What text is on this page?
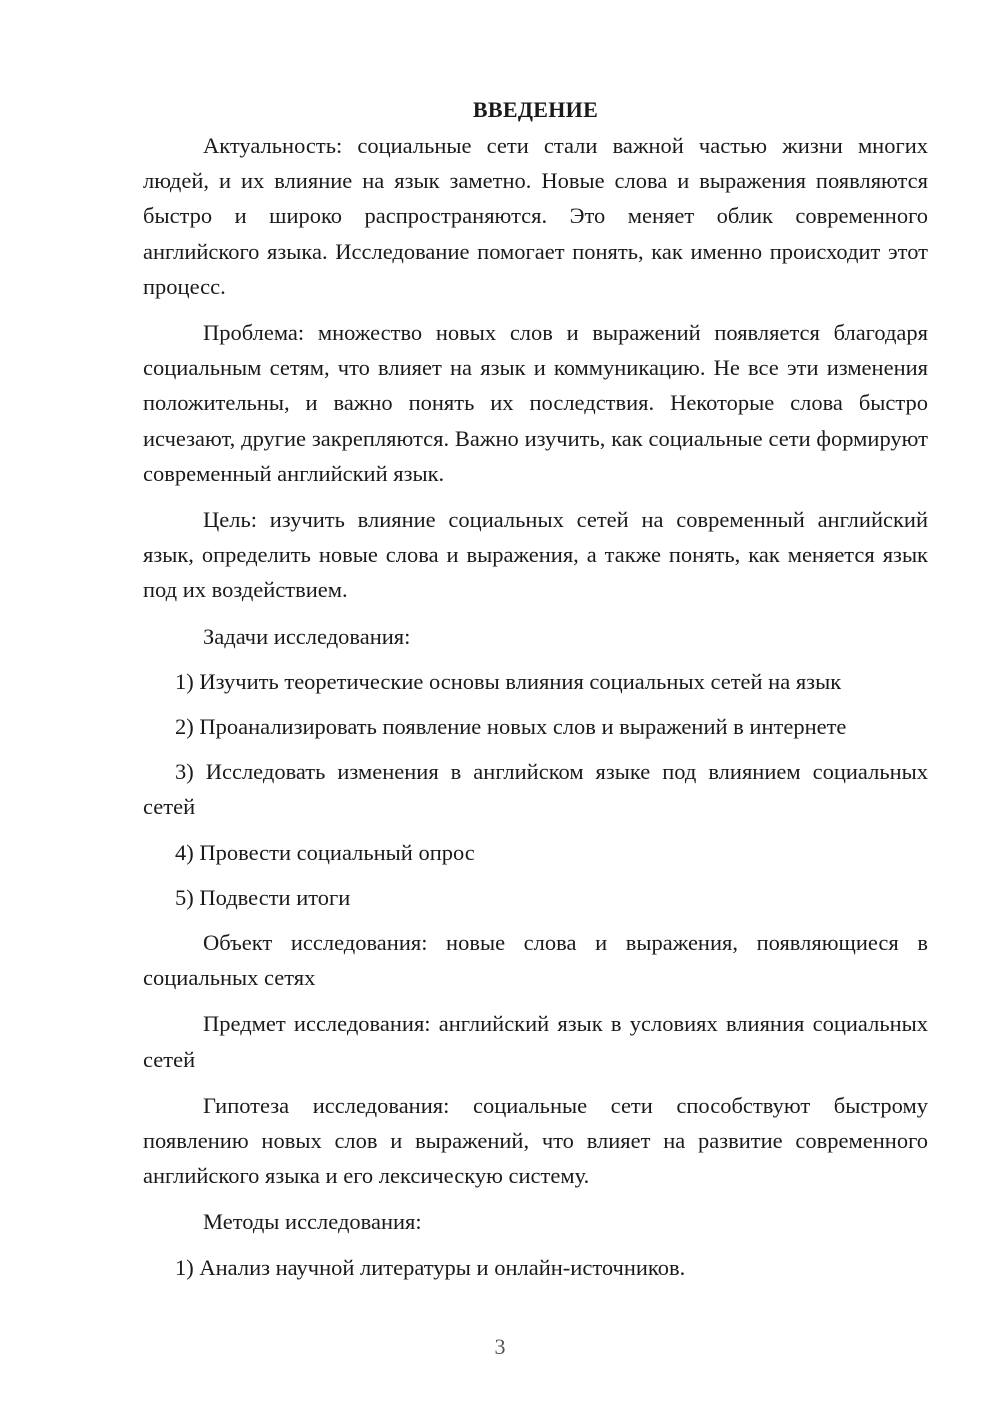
ВВЕДЕНИЕ

Актуальность: социальные сети стали важной частью жизни многих людей, и их влияние на язык заметно. Новые слова и выражения появляются быстро и широко распространяются. Это меняет облик современного английского языка. Исследование помогает понять, как именно происходит этот процесс.

Проблема: множество новых слов и выражений появляется благодаря социальным сетям, что влияет на язык и коммуникацию. Не все эти изменения положительны, и важно понять их последствия. Некоторые слова быстро исчезают, другие закрепляются. Важно изучить, как социальные сети формируют современный английский язык.

Цель: изучить влияние социальных сетей на современный английский язык, определить новые слова и выражения, а также понять, как меняется язык под их воздействием.

Задачи исследования:

1) Изучить теоретические основы влияния социальных сетей на язык

2) Проанализировать появление новых слов и выражений в интернете

3) Исследовать изменения в английском языке под влиянием социальных сетей

4) Провести социальный опрос

5) Подвести итоги

Объект исследования: новые слова и выражения, появляющиеся в социальных сетях

Предмет исследования: английский язык в условиях влияния социальных сетей

Гипотеза исследования: социальные сети способствуют быстрому появлению новых слов и выражений, что влияет на развитие современного английского языка и его лексическую систему.

Методы исследования:

1) Анализ научной литературы и онлайн-источников.

3
